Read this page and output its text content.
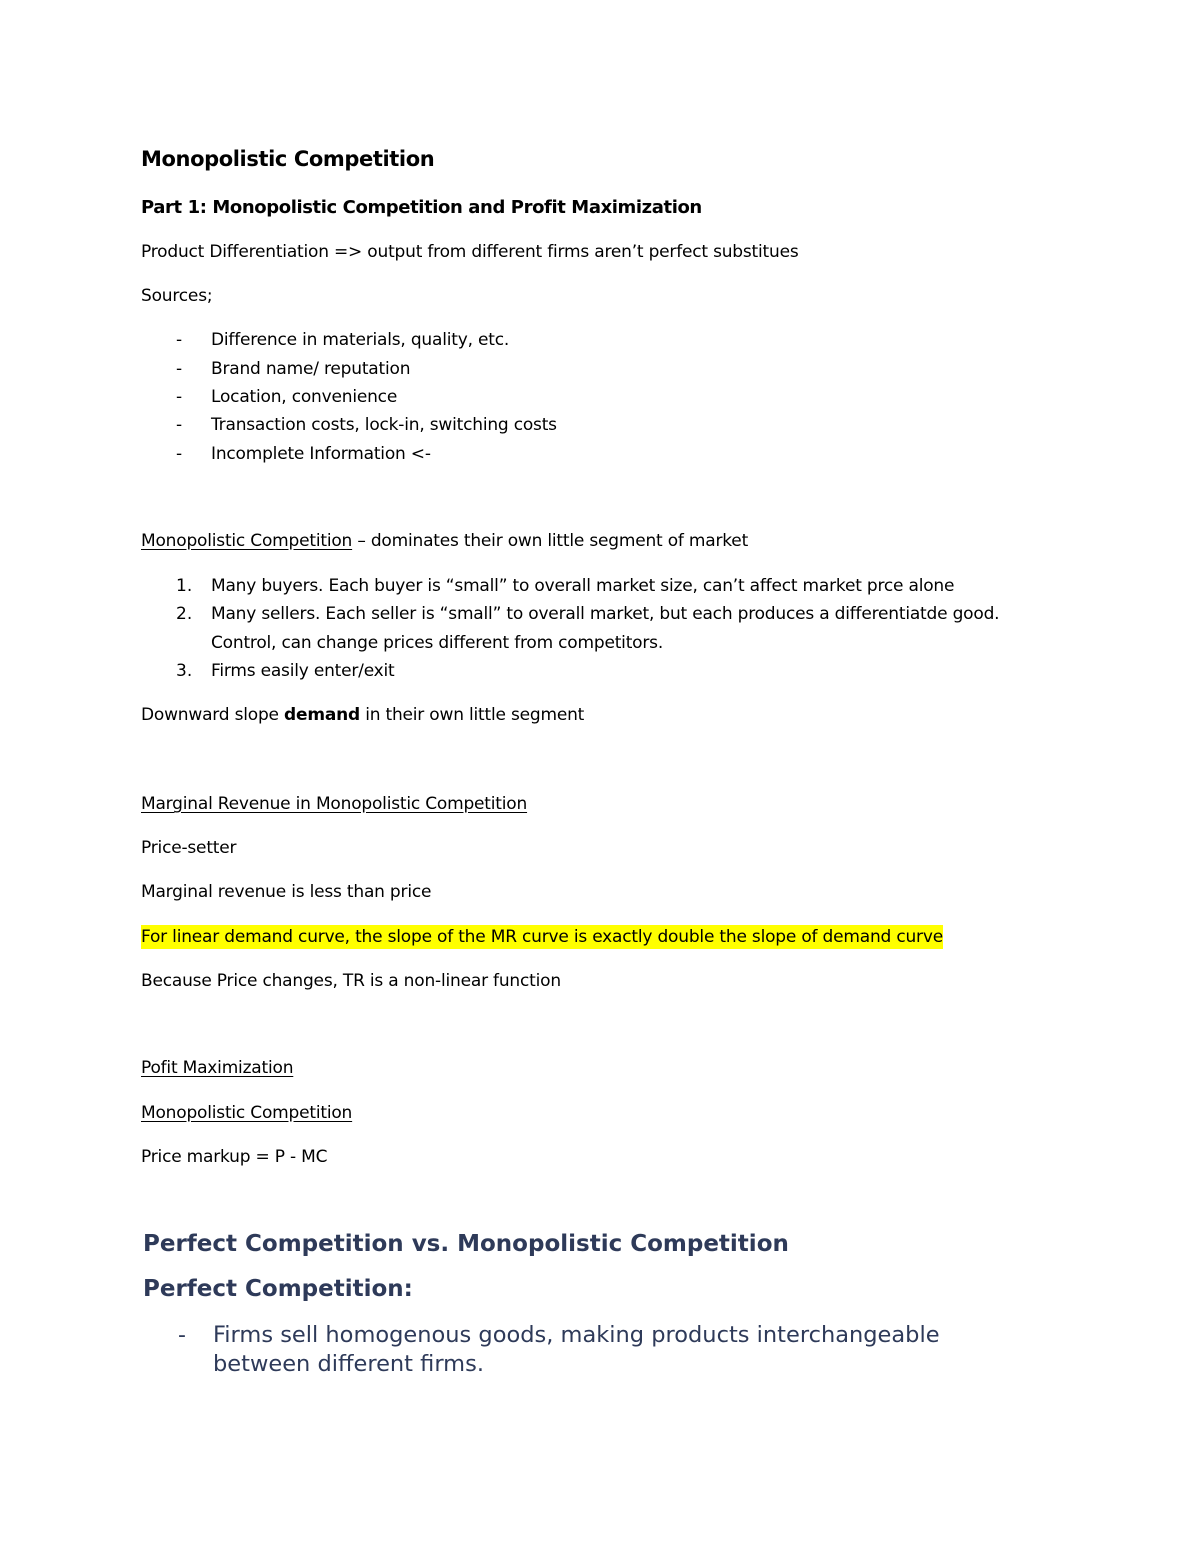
Monopolistic Competition
Part 1: Monopolistic Competition and Profit Maximization
Product Differentiation => output from different firms aren’t perfect substitues
Sources;
- Difference in materials, quality, etc.
- Brand name/ reputation
- Location, convenience
- Transaction costs, lock-in, switching costs
- Incomplete Information <-
Monopolistic Competition – dominates their own little segment of market
1. Many buyers. Each buyer is “small” to overall market size, can’t affect market prce alone
2. Many sellers. Each seller is “small” to overall market, but each produces a differentiatde good.
Control, can change prices different from competitors.
3. Firms easily enter/exit
Downward slope demand in their own little segment
Marginal Revenue in Monopolistic Competition
Price-setter
Marginal revenue is less than price
For linear demand curve, the slope of the MR curve is exactly double the slope of demand curve
Because Price changes, TR is a non-linear function
Pofit Maximization
Monopolistic Competition
Price markup = P - MC
Perfect Competition vs. Monopolistic Competition
Perfect Competition:
- Firms sell homogenous goods, making products interchangeable between different firms.
